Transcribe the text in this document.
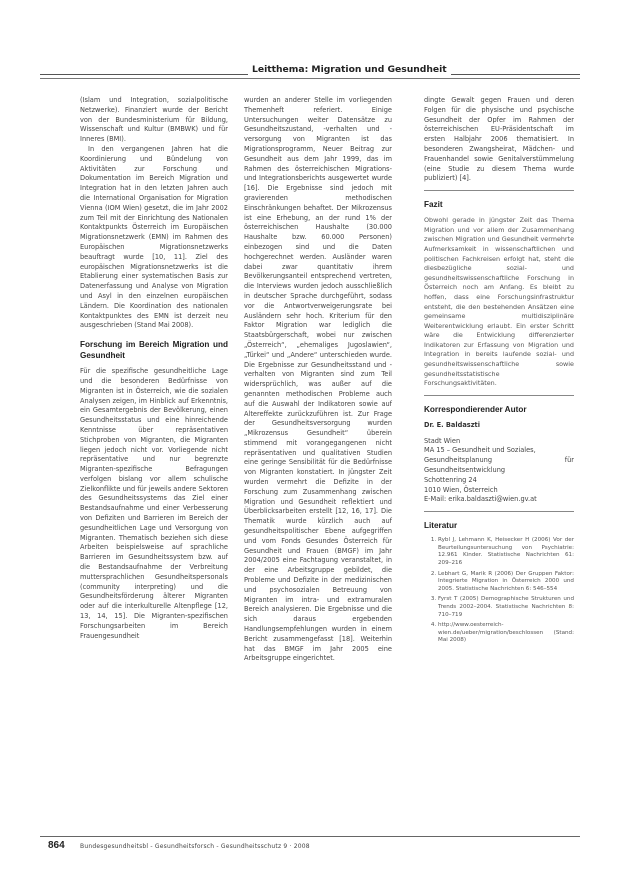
Leitthema: Migration und Gesundheit

(Islam und Integration, sozialpolitische Netzwerke). Finanziert wurde der Bericht von der Bundesministerium für Bildung, Wissenschaft und Kultur (BMBWK) und für Inneres (BMI).

In den vergangenen Jahren hat die Koordinierung und Bündelung von Aktivitäten zur Forschung und Dokumentation im Bereich Migration und Integration hat in den letzten Jahren auch die International Organisation for Migration Vienna (IOM Wien) gesetzt, die im Jahr 2002 zum Teil mit der Einrichtung des Nationalen Kontaktpunkts Österreich im Europäischen Migrationsnetzwerk (EMN) im Rahmen des Europäischen Migrationsnetzwerks beauftragt wurde [10, 11]. Ziel des europäischen Migrationsnetzwerks ist die Etablierung einer systematischen Basis zur Datenerfassung und Analyse von Migration und Asyl in den einzelnen europäischen Ländern. Die Koordination des nationalen Kontaktpunktes des EMN ist derzeit neu ausgeschrieben (Stand Mai 2008).

Forschung im Bereich Migration und Gesundheit

Für die spezifische gesundheitliche Lage und die besonderen Bedürfnisse von Migranten ist in Österreich, wie die sozialen Analysen zeigen, im Hinblick auf Erkenntnis, ein Gesamtergebnis der Bevölkerung, einen Gesundheitsstatus und eine hinreichende Kenntnisse über repräsentativen Stichproben von Migranten, die Migranten liegen jedoch nicht vor. Vorliegende nicht repräsentative und nur begrenzte Migranten-spezifische Befragungen verfolgen bislang vor allem schulische Zielkonflikte und für jeweils andere Sektoren des Gesundheitssystems das Ziel einer Bestandsaufnahme und einer Verbesserung von Defiziten und Barrieren im Bereich der gesundheitlichen Lage und Versorgung von Migranten. Thematisch beziehen sich diese Arbeiten beispielsweise auf sprachliche Barrieren im Gesundheitssystem bzw. auf die Bestandsaufnahme der Verbreitung muttersprachlichen Gesundheitspersonals (community interpreting) und die Gesundheitsförderung älterer Migranten oder auf die interkulturelle Altenpflege [12, 13, 14, 15]. Die Migranten-spezifischen Forschungsarbeiten im Bereich Frauengesundheit

wurden an anderer Stelle im vorliegenden Themenheft referiert. Einige Untersuchungen weiter Datensätze zu Gesundheitszustand, -verhalten und -versorgung von Migranten ist das Migrationsprogramm, Neuer Beitrag zur Gesundheit aus dem Jahr 1999, das im Rahmen des österreichischen Migrations- und Integrationsberichts ausgewertet wurde [16]. Die Ergebnisse sind jedoch mit gravierenden methodischen Einschränkungen behaftet. Der Mikrozensus ist eine Erhebung, an der rund 1% der österreichischen Haushalte (30.000 Haushalte bzw. 60.000 Personen) einbezogen sind und die Daten hochgerechnet werden. Ausländer waren dabei zwar quantitativ ihrem Bevölkerungsanteil entsprechend vertreten, die Interviews wurden jedoch ausschließlich in deutscher Sprache durchgeführt, sodass vor die Antwortverweigerungsrate bei Ausländern sehr hoch. Kriterium für den Faktor Migration war lediglich die Staatsbürgerschaft, wobei nur zwischen „Österreich“, „ehemaliges Jugoslawien“, „Türkei“ und „Andere“ unterschieden wurde. Die Ergebnisse zur Gesundheitsstand und -verhalten von Migranten sind zum Teil widersprüchlich, was außer auf die genannten methodischen Probleme auch auf die Auswahl der Indikatoren sowie auf Altereffekte zurückzuführen ist. Zur Frage der Gesundheitsversorgung wurden „Mikrozensus Gesundheit“ überein stimmend mit vorangegangenen nicht repräsentativen und qualitativen Studien eine geringe Sensibilität für die Bedürfnisse von Migranten konstatiert. In jüngster Zeit wurden vermehrt die Defizite in der Forschung zum Zusammenhang zwischen Migration und Gesundheit reflektiert und Überblicksarbeiten erstellt [12, 16, 17]. Die Thematik wurde kürzlich auch auf gesundheitspolitischer Ebene aufgegriffen und vom Fonds Gesundes Österreich für Gesundheit und Frauen (BMGF) im Jahr 2004/2005 eine Fachtagung veranstaltet, in der eine Arbeitsgruppe gebildet, die Probleme und Defizite in der medizinischen und psychosozialen Betreuung von Migranten im intra- und extramuralen Bereich analysieren. Die Ergebnisse und die sich daraus ergebenden Handlungsempfehlungen wurden in einem Bericht zusammengefasst [18]. Weiterhin hat das BMGF im Jahr 2005 eine Arbeitsgruppe eingerichtet.

dingte Gewalt gegen Frauen und deren Folgen für die physische und psychische Gesundheit der Opfer im Rahmen der österreichischen EU-Präsidentschaft im ersten Halbjahr 2006 thematisiert. In besonderen Zwangsheirat, Mädchen- und Frauenhandel sowie Genitalverstümmelung (eine Studie zu diesem Thema wurde publiziert) [4].

Fazit

Obwohl gerade in jüngster Zeit das Thema Migration und vor allem der Zusammenhang zwischen Migration und Gesundheit vermehrte Aufmerksamkeit in wissenschaftlichen und politischen Fachkreisen erfolgt hat, steht die diesbezügliche sozial- und gesundheitswissenschaftliche Forschung in Österreich noch am Anfang. Es bleibt zu hoffen, dass eine Forschungsinfrastruktur entsteht, die den bestehenden Ansätzen eine gemeinsame multidisziplinäre Weiterentwicklung erlaubt. Ein erster Schritt wäre die Entwicklung differenzierter Indikatoren zur Erfassung von Migration und Integration in bereits laufende sozial- und gesundheitswissenschaftliche sowie gesundheitsstatistische Forschungsaktivitäten.

Korrespondierender Autor
Dr. E. Baldaszti
Stadt Wien
MA 15 – Gesundheit und Soziales,
Gesundheitsplanung für Gesundheitsentwicklung
Schottenring 24
1010 Wien, Österreich
E-Mail: erika.baldaszti@wien.gv.at
Literatur
1. Rybl J, Lehmann K, Heisecker H (2006) Vor der Beurteilungsuntersuchung von Psychiatrie: 12.961 Kinder. Statistische Nachrichten 61: 209–216
2. Lebhart G, Marik R (2006) Der Gruppen Faktor: Integrierte Migration in Österreich 2000 und 2005. Statistische Nachrichten 6: 546–554
3. Fyrst T (2005) Demographische Strukturen und Trends 2002–2004. Statistische Nachrichten 8: 710–719
4. http://www.oesterreich-wien.de/ueber/migration/beschlossen (Stand: Mai 2008)
864	Bundesgesundheitsbl - Gesundheitsforsch - Gesundheitsschutz 9 · 2008
